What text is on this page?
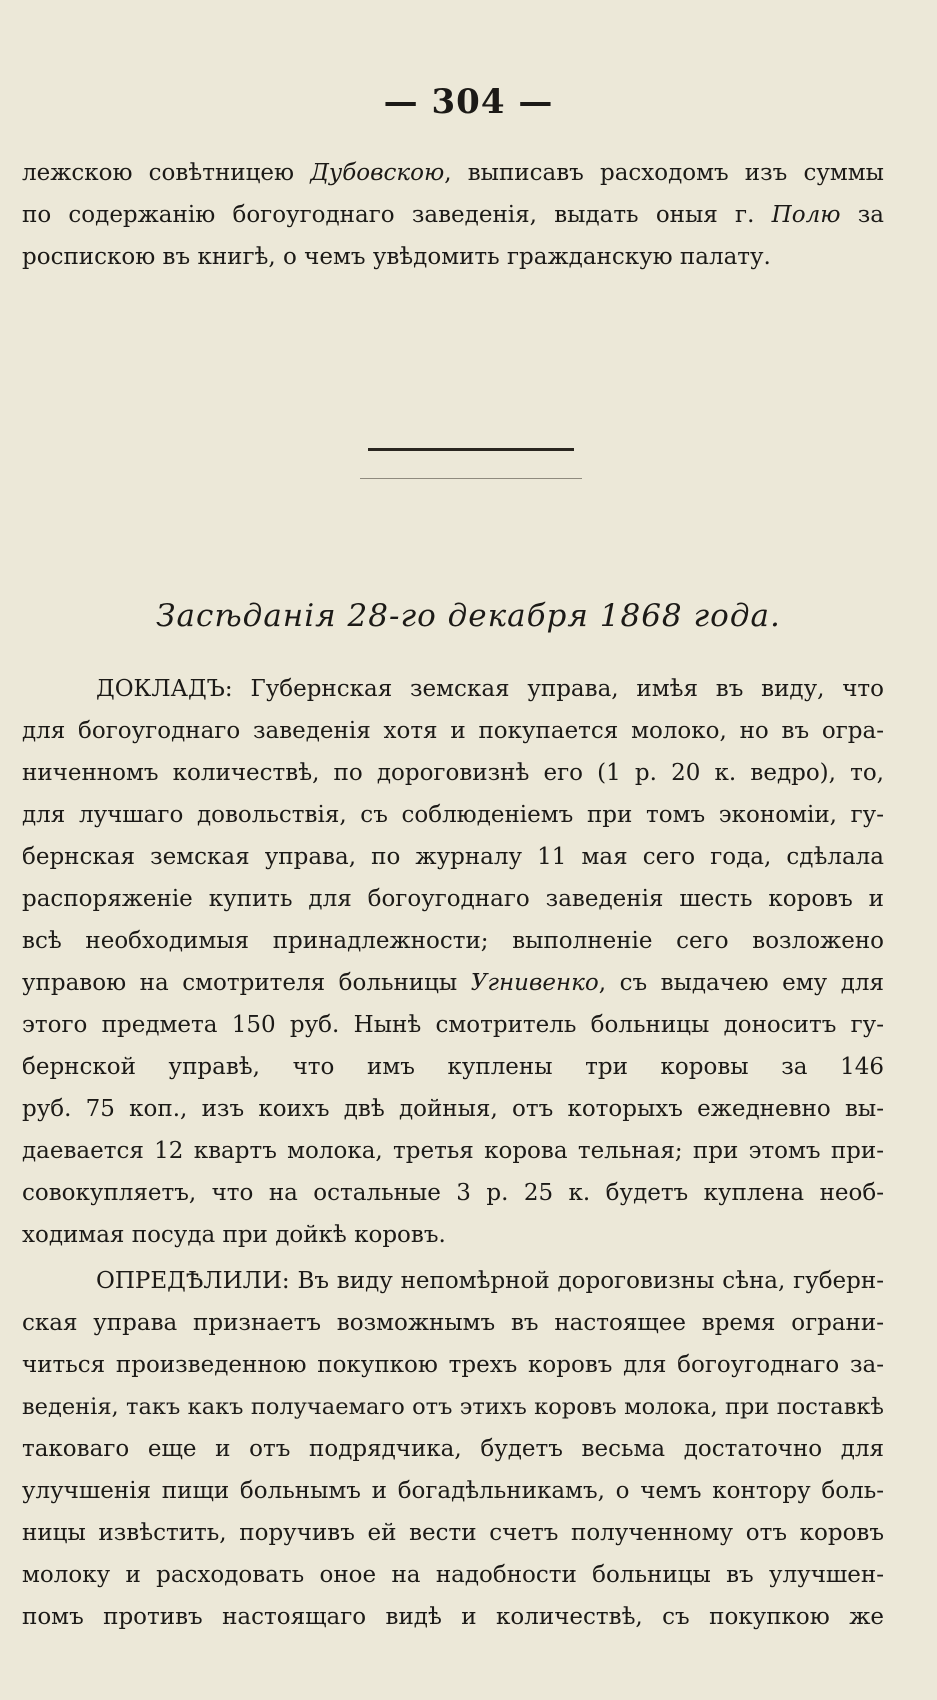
— 304 —
лежскою совѣтницею Дубовскою, выписавъ расходомъ изъ суммы
по содержанію богоугоднаго заведенія, выдать оныя г. Полю за
роспискою въ книгѣ, о чемъ увѣдомить гражданскую палату.
Засѣданія 28-го декабря 1868 года.
ДОКЛАДЪ: Губернская земская управа, имѣя въ виду, что
для богоугоднаго заведенія хотя и покупается молоко, но въ огра-
ниченномъ количествѣ, по дороговизнѣ его (1 р. 20 к. ведро), то,
для лучшаго довольствія, съ соблюденіемъ при томъ экономіи, гу-
бернская земская управа, по журналу 11 мая сего года, сдѣлала
распоряженіе купить для богоугоднаго заведенія шесть коровъ и
всѣ необходимыя принадлежности; выполненіе сего возложено
управою на смотрителя больницы Угнивенко, съ выдачею ему для
этого предмета 150 руб. Нынѣ смотритель больницы доноситъ гу-
бернской управѣ, что имъ куплены три коровы за 146
руб. 75 коп., изъ коихъ двѣ дойныя, отъ которыхъ ежедневно вы-
даевается 12 квартъ молока, третья корова тельная; при этомъ при-
совокупляетъ, что на остальные 3 р. 25 к. будетъ куплена необ-
ходимая посуда при дойкѣ коровъ.
ОПРЕДѢЛИЛИ: Въ виду непомѣрной дороговизны сѣна, губерн-
ская управа признаетъ возможнымъ въ настоящее время ограни-
читься произведенною покупкою трехъ коровъ для богоугоднаго за-
веденія, такъ какъ получаемаго отъ этихъ коровъ молока, при поставкѣ
таковаго еще и отъ подрядчика, будетъ весьма достаточно для
улучшенія пищи больнымъ и богадѣльникамъ, о чемъ контору боль-
ницы извѣстить, поручивъ ей вести счетъ полученному отъ коровъ
молоку и расходовать оное на надобности больницы въ улучшен-
помъ противъ настоящаго видѣ и количествѣ, съ покупкою же
